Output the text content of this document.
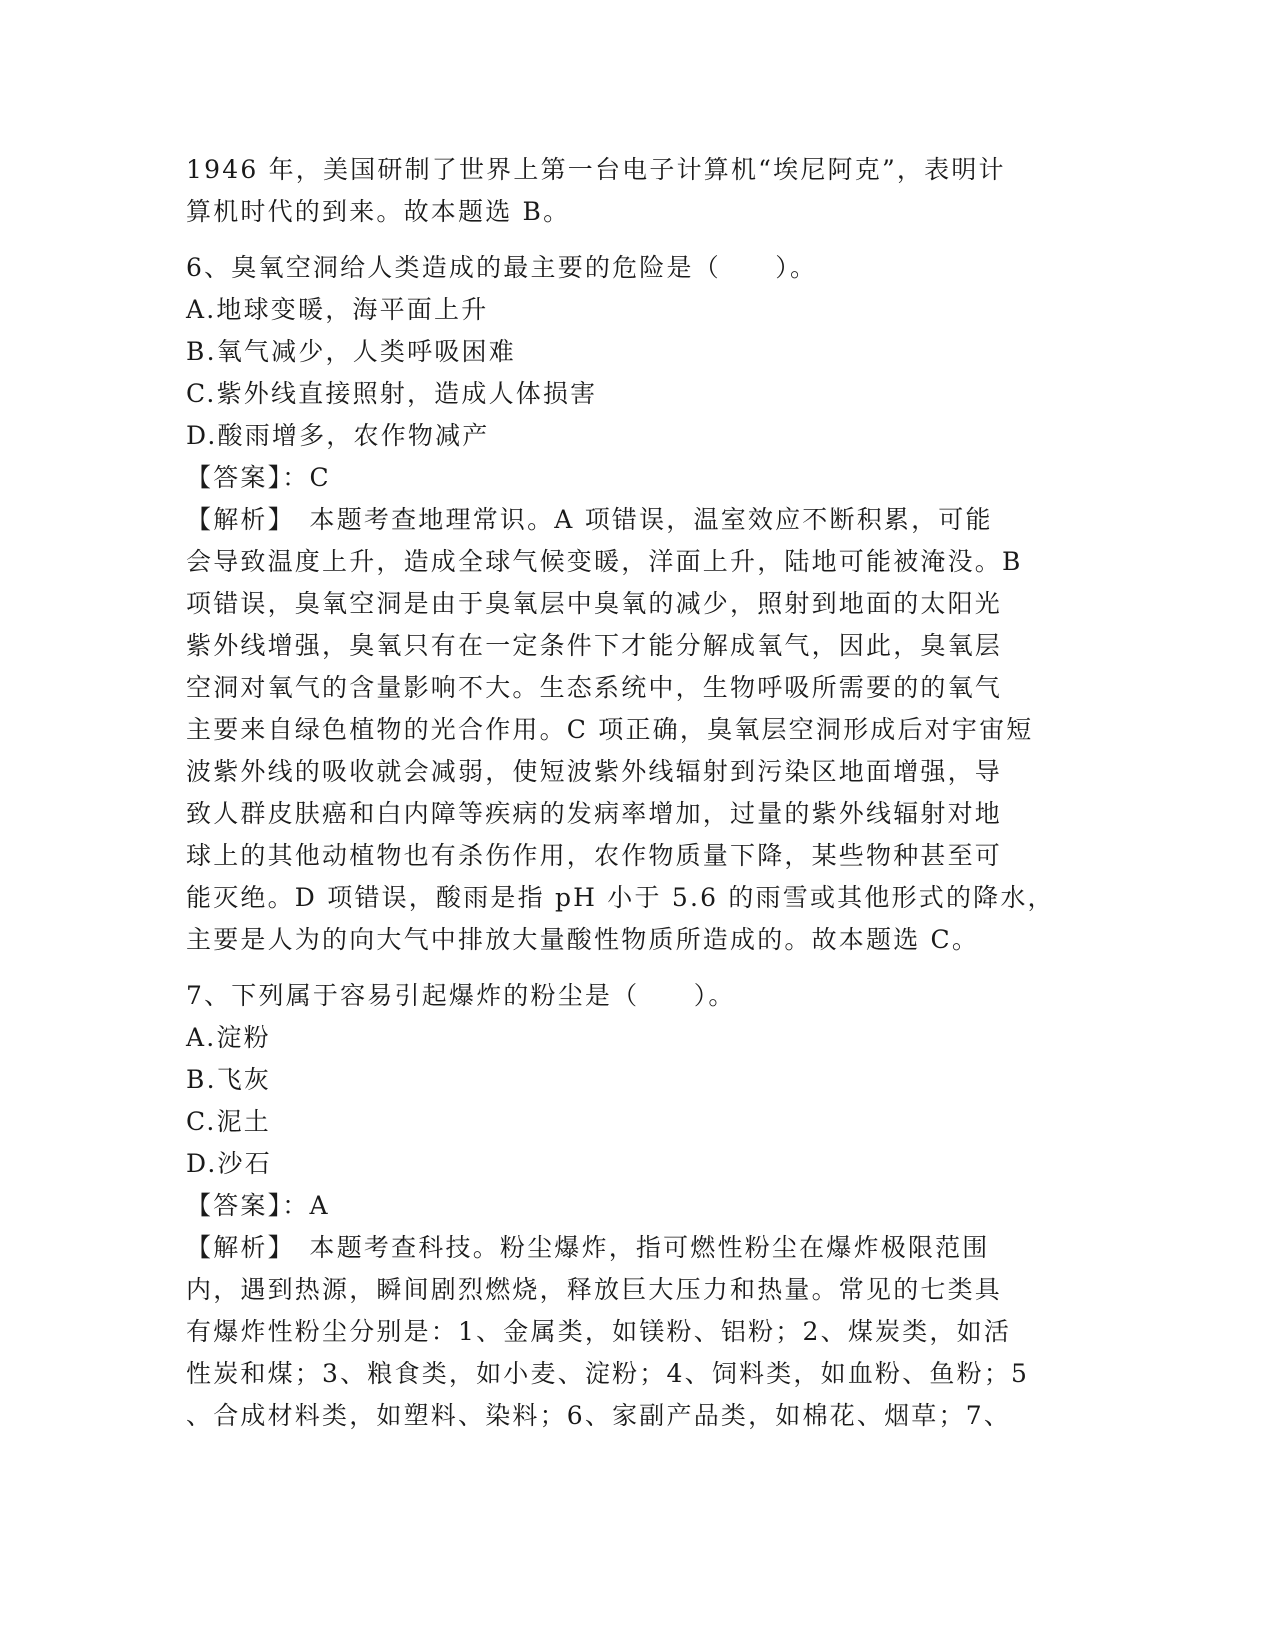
1946 年，美国研制了世界上第一台电子计算机“埃尼阿克”，表明计
算机时代的到来。故本题选 B。
6、臭氧空洞给人类造成的最主要的危险是（　　）。
A.地球变暖，海平面上升
B.氧气减少，人类呼吸困难
C.紫外线直接照射，造成人体损害
D.酸雨增多，农作物减产
【答案】：C
【解析】　本题考查地理常识。A 项错误，温室效应不断积累，可能
会导致温度上升，造成全球气候变暖，洋面上升，陆地可能被淹没。B
项错误，臭氧空洞是由于臭氧层中臭氧的减少，照射到地面的太阳光
紫外线增强，臭氧只有在一定条件下才能分解成氧气，因此，臭氧层
空洞对氧气的含量影响不大。生态系统中，生物呼吸所需要的的氧气
主要来自绿色植物的光合作用。C 项正确，臭氧层空洞形成后对宇宙短
波紫外线的吸收就会减弱，使短波紫外线辐射到污染区地面增强，导
致人群皮肤癌和白内障等疾病的发病率增加，过量的紫外线辐射对地
球上的其他动植物也有杀伤作用，农作物质量下降，某些物种甚至可
能灭绝。D 项错误，酸雨是指 pH 小于 5.6 的雨雪或其他形式的降水，
主要是人为的向大气中排放大量酸性物质所造成的。故本题选 C。
7、下列属于容易引起爆炸的粉尘是（　　）。
A.淀粉
B.飞灰
C.泥土
D.沙石
【答案】：A
【解析】　本题考查科技。粉尘爆炸，指可燃性粉尘在爆炸极限范围
内，遇到热源，瞬间剧烈燃烧，释放巨大压力和热量。常见的七类具
有爆炸性粉尘分别是：1、金属类，如镁粉、铝粉；2、煤炭类，如活
性炭和煤；3、粮食类，如小麦、淀粉；4、饲料类，如血粉、鱼粉；5
、合成材料类，如塑料、染料；6、家副产品类，如棉花、烟草；7、
